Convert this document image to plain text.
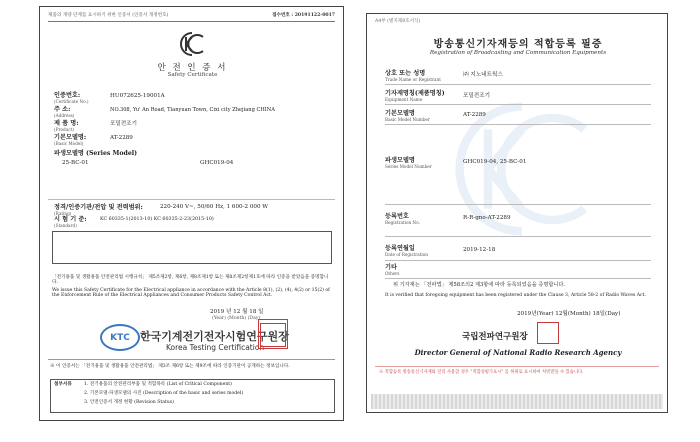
제품의 개량 단계를 표시하기 위한 인증서 (인증서 개정번호)	접수번호 : 20191122-0017
안 전 인 증 서
Safety Certificate
인증번호:
(Certificate No.)
HU072625-19001A
주 소:
(Address)
NO.308, Yu' An Road, Tianyuan Town, Cixi city Zhejiang CHINA
제 품 명:
(Product)
포밀전조기
기본모델명:
(Basic Model)
AT-2289
파생모델명 (Series Model)
25-BC-01	GHC019-04
정격/인증기관/전압 및 전력범위:	220-240 V~, 50/60 Hz, 1 600-2 000 W
(Rating)
시 험 기 준:	KC 60335-1(2013-10) KC 60335-2-23(2015-10)
(Standard)
「전기용품 및 생활용품 안전관리법 시행규칙」 제5조제2항, 제6항, 제8조제1항 또는 제8조제2항제1호에 따라 인증을 받았음을 증명합니다.
We issue this Safety Certificate for the Electrical appliance in accordance with the Article 8(1), (2), (4), 4(2) or 15(2) of the Enforcement Rule of the Electrical Appliances and Consumer Products Safety Control Act.
2019 년 12 월 18 일
(Year) (Month) (Day)
KTC 한국기계전기전자시험연구원장
Korea Testing Certification
※ 이 인증서는 「전기용품 및 생활용품 안전관리법」 제3조 제6항 또는 제9조에 따라 인증기관이 공개하는 정보입니다.
첨부서류	1. 전기용품의 안전관리부품 및 적합목록 (List of Critical Component)
2. 기본모델·파생모델의 사진 (Description of the basic and series model)
3. 안전인증서 개정 현황 (Revision Status)
A4부 (별지제8호서식)
방송통신기자재등의 적합등록 필증
Registration of Broadcasting and Communication Equipments
상호 또는 성명
Trade Name or Registrant
㈜ 지노네트웍스
기자재명칭(제품명칭)
Equipment Name
포밀전조기
기본모델명
Basic Model Number
AT-2289
파생모델명
Series Model Number
GHC019-04, 25-BC-01
등록번호
Registration No.
R-R-gno-AT-2289
등록연월일
Date of Registration
2019-12-18
기타
Others
위 기자재는 「전파법」 제58조의2 제3항에 따라 등록되었음을 증명합니다.
It is verified that foregoing equipment has been registered under the Clause 3, Article 58-2 of Radio Waves Act.
2019년(Year) 12월(Month) 18일(Day)
국립전파연구원장
Director General of National Radio Research Agency
※ 적합등록 방송통신기자재와 달리 사용할 경우 "적합성평가표시" 를 허위로 표시하여 처벌받을 수 있습니다.
